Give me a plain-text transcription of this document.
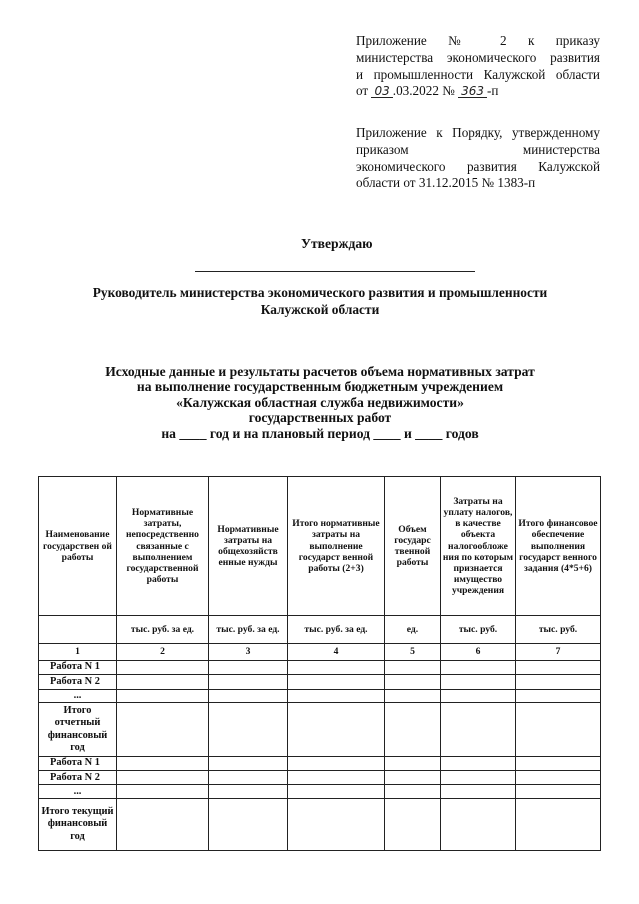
Приложение № 2 к приказу
министерства экономического развития
и промышленности Калужской области
от 03 .03.2022 № 363 -п
Приложение к Порядку, утвержденному
приказом министерства
экономического развития Калужской
области от 31.12.2015 № 1383-п
Утверждаю
Руководитель министерства экономического развития и промышленности
Калужской области
Исходные данные и результаты расчетов объема нормативных затрат
на выполнение государственным бюджетным учреждением
«Калужская областная служба недвижимости»
государственных работ
на ____ год и на плановый период ____ и ____ годов
Наименование государствен ой работы	Нормативные затраты, непосредственно связанные с выполнением государственной работы	Нормативные затраты на общехозяйств енные нужды	Итого нормативные затраты на выполнение государст венной работы (2+3)	Объем государс твенной работы	Затраты на уплату налогов, в качестве объекта налогообложе ния по которым признается имущество учреждения	Итого финансовое обеспечение выполнения государст венного задания (4*5+6)
	тыс. руб. за ед.	тыс. руб. за ед.	тыс. руб. за ед.	ед.	тыс. руб.	тыс. руб.
1	2	3	4	5	6	7
Работа N 1						
Работа N 2						
...						
Итого отчетный финансовый год						
Работа N 1						
Работа N 2						
...						
Итого текущий финансовый год						
